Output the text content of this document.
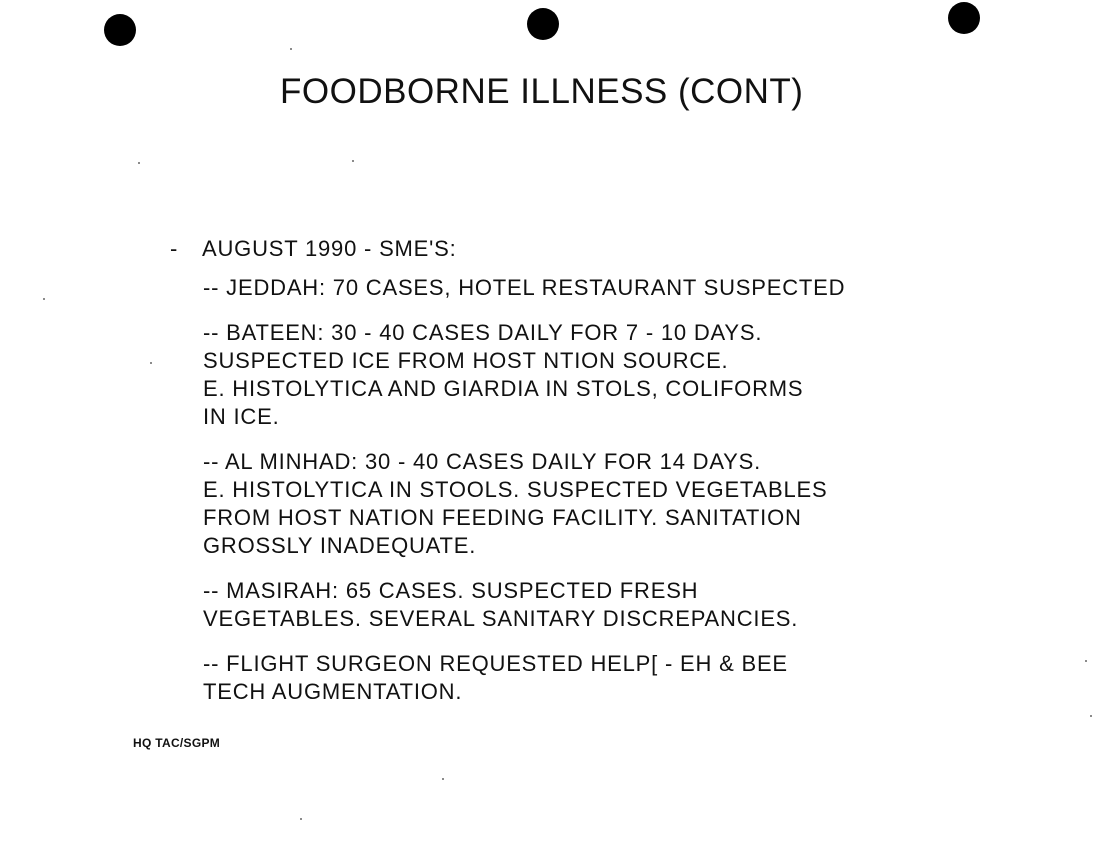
FOODBORNE ILLNESS (CONT)
- AUGUST 1990 - SME'S:
-- JEDDAH: 70 CASES, HOTEL RESTAURANT SUSPECTED
-- BATEEN: 30 - 40 CASES DAILY FOR 7 - 10 DAYS.
SUSPECTED ICE FROM HOST NTION SOURCE.
E. HISTOLYTICA AND GIARDIA IN STOLS, COLIFORMS
IN ICE.
-- AL MINHAD: 30 - 40 CASES DAILY FOR 14 DAYS.
E. HISTOLYTICA IN STOOLS. SUSPECTED VEGETABLES
FROM HOST NATION FEEDING FACILITY. SANITATION
GROSSLY INADEQUATE.
-- MASIRAH: 65 CASES. SUSPECTED FRESH
VEGETABLES. SEVERAL SANITARY DISCREPANCIES.
-- FLIGHT SURGEON REQUESTED HELP[ - EH & BEE
TECH AUGMENTATION.
HQ TAC/SGPM
